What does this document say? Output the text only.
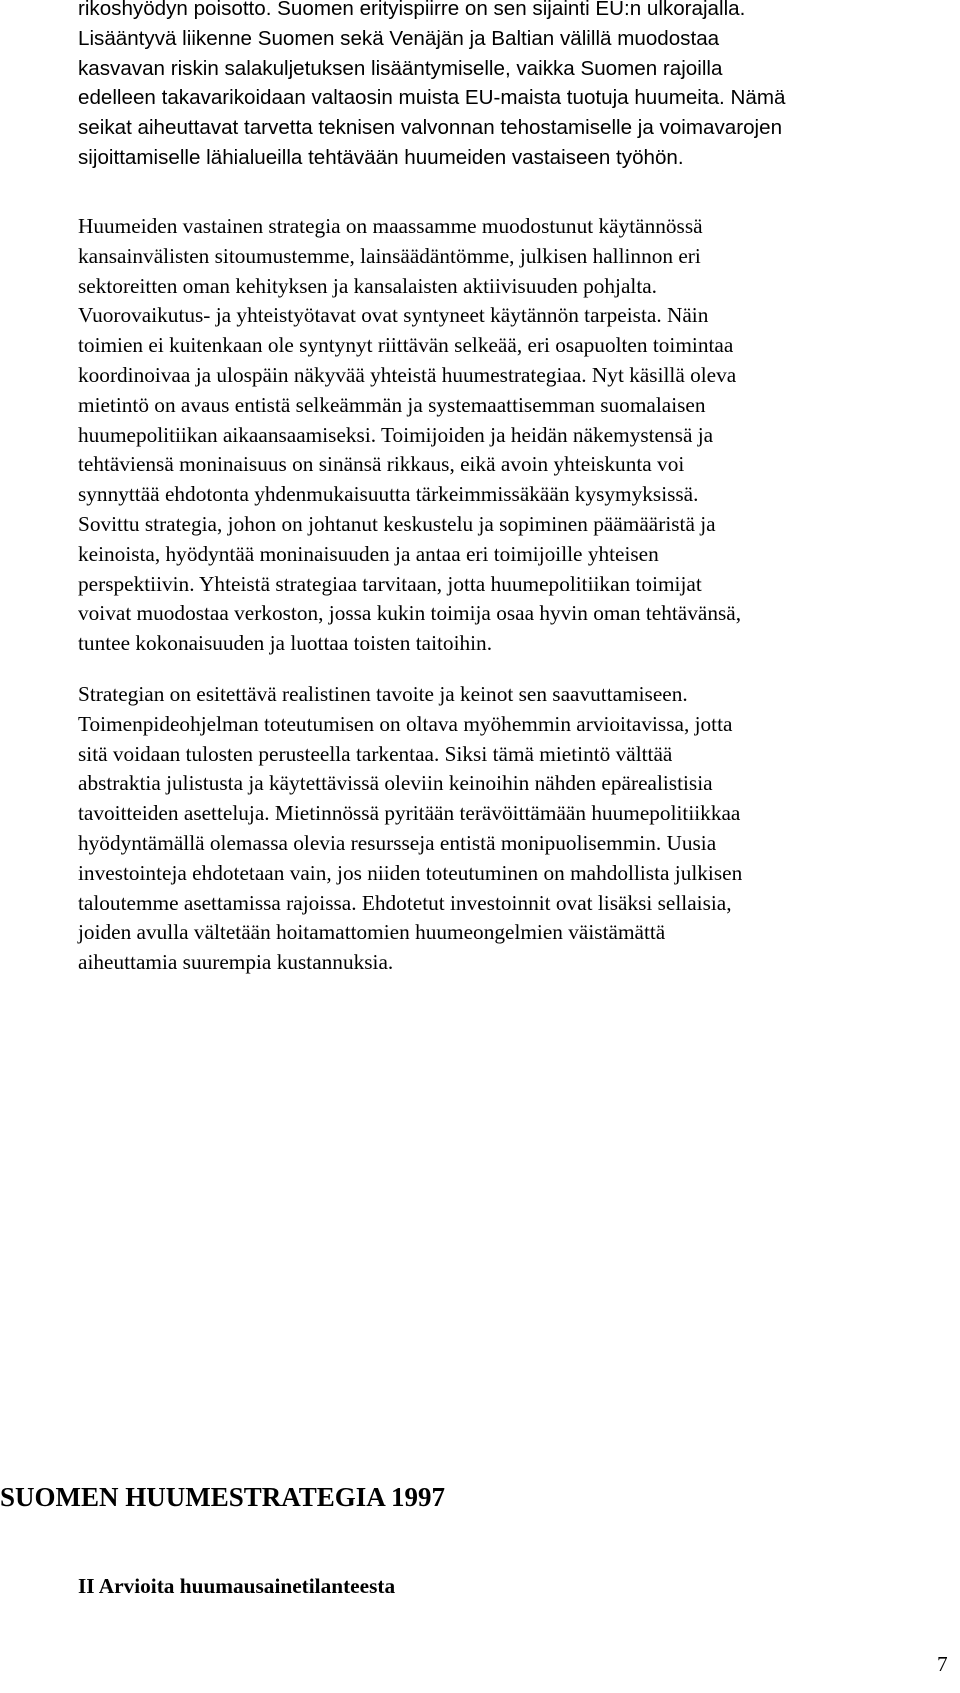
rikoshyödyn poisotto. Suomen erityispiirre on sen sijainti EU:n ulkorajalla.
Lisääntyvä liikenne Suomen sekä Venäjän ja Baltian välillä muodostaa
kasvavan riskin salakuljetuksen lisääntymiselle, vaikka Suomen rajoilla
edelleen takavarikoidaan valtaosin muista EU-maista tuotuja huumeita. Nämä
seikat aiheuttavat tarvetta teknisen valvonnan tehostamiselle ja voimavarojen
sijoittamiselle lähialueilla tehtävään huumeiden vastaiseen työhön.

Huumeiden vastainen strategia on maassamme muodostunut käytännössä
kansainvälisten sitoumustemme, lainsäädäntömme, julkisen hallinnon eri
sektoreitten oman kehityksen ja kansalaisten aktiivisuuden pohjalta.
Vuorovaikutus- ja yhteistyötavat ovat syntyneet käytännön tarpeista. Näin
toimien ei kuitenkaan ole syntynyt riittävän selkeää, eri osapuolten toimintaa
koordinoivaa ja ulospäin näkyvää yhteistä huumestrategiaa. Nyt käsillä oleva
mietintö on avaus entistä selkeämmän ja systemaattisemman suomalaisen
huumepolitiikan aikaansaamiseksi. Toimijoiden ja heidän näkemystensä ja
tehtäviensä moninaisuus on sinänsä rikkaus, eikä avoin yhteiskunta voi
synnyttää ehdotonta yhdenmukaisuutta tärkeimmissäkään kysymyksissä.
Sovittu strategia, johon on johtanut keskustelu ja sopiminen päämääristä ja
keinoista, hyödyntää moninaisuuden ja antaa eri toimijoille yhteisen
perspektiivin. Yhteistä strategiaa tarvitaan, jotta huumepolitiikan toimijat
voivat muodostaa verkoston, jossa kukin toimija osaa hyvin oman tehtävänsä,
tuntee kokonaisuuden ja luottaa toisten taitoihin.

Strategian on esitettävä realistinen tavoite ja keinot sen saavuttamiseen.
Toimenpideohjelman toteutumisen on oltava myöhemmin arvioitavissa, jotta
sitä voidaan tulosten perusteella tarkentaa. Siksi tämä mietintö välttää
abstraktia julistusta ja käytettävissä oleviin keinoihin nähden epärealistisia
tavoitteiden asetteluja. Mietinnössä pyritään terävöittämään huumepolitiikkaa
hyödyntämällä olemassa olevia resursseja entistä monipuolisemmin. Uusia
investointeja ehdotetaan vain, jos niiden toteutuminen on mahdollista julkisen
taloutemme asettamissa rajoissa. Ehdotetut investoinnit ovat lisäksi sellaisia,
joiden avulla vältetään hoitamattomien huumeongelmien väistämättä
aiheuttamia suurempia kustannuksia.

SUOMEN HUUMESTRATEGIA 1997
II Arvioita huumausainetilanteesta
7
